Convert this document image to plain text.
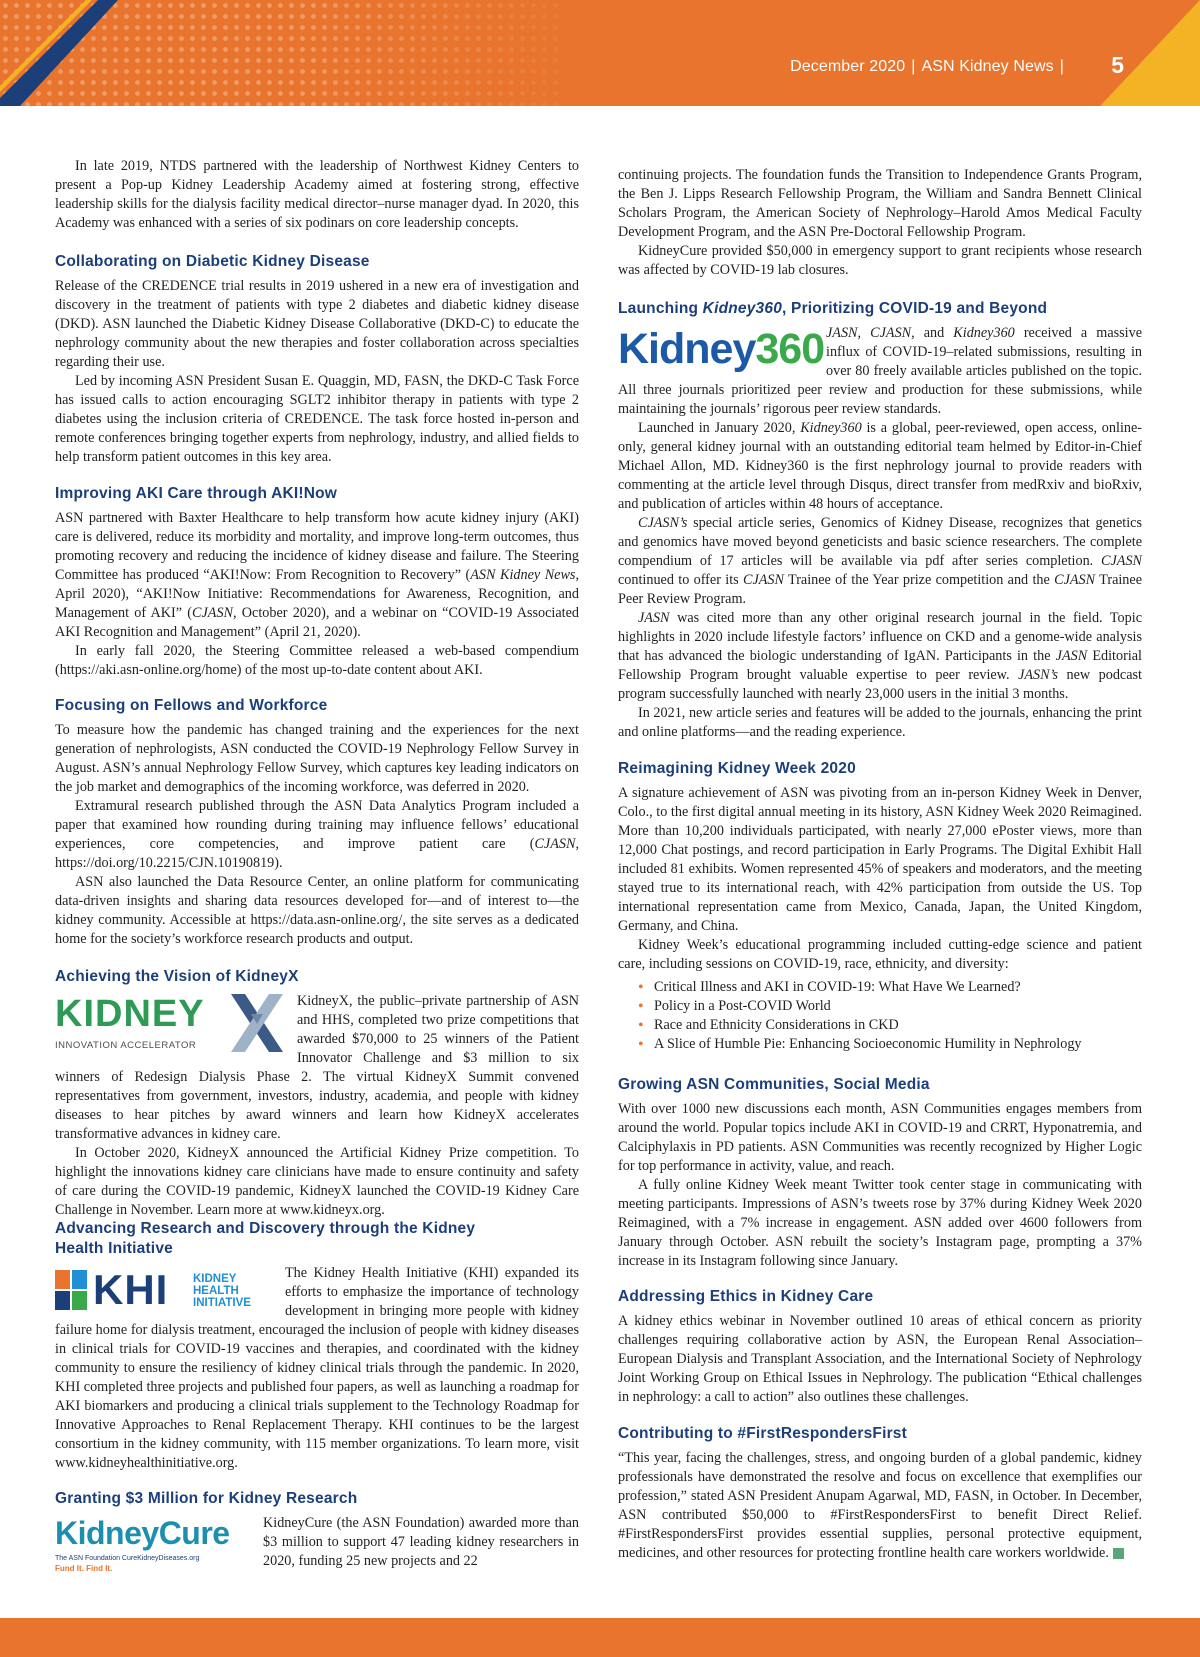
December 2020 | ASN Kidney News | 5

In late 2019, NTDS partnered with the leadership of Northwest Kidney Centers to present a Pop-up Kidney Leadership Academy aimed at fostering strong, effective leadership skills for the dialysis facility medical director–nurse manager dyad. In 2020, this Academy was enhanced with a series of six podinars on core leadership concepts.

Collaborating on Diabetic Kidney Disease

Release of the CREDENCE trial results in 2019 ushered in a new era of investigation and discovery in the treatment of patients with type 2 diabetes and diabetic kidney disease (DKD). ASN launched the Diabetic Kidney Disease Collaborative (DKD-C) to educate the nephrology community about the new therapies and foster collaboration across specialties regarding their use.

Led by incoming ASN President Susan E. Quaggin, MD, FASN, the DKD-C Task Force has issued calls to action encouraging SGLT2 inhibitor therapy in patients with type 2 diabetes using the inclusion criteria of CREDENCE. The task force hosted in-person and remote conferences bringing together experts from nephrology, industry, and allied fields to help transform patient outcomes in this key area.

Improving AKI Care through AKI!Now

ASN partnered with Baxter Healthcare to help transform how acute kidney injury (AKI) care is delivered, reduce its morbidity and mortality, and improve long-term outcomes, thus promoting recovery and reducing the incidence of kidney disease and failure. The Steering Committee has produced “AKI!Now: From Recognition to Recovery” (ASN Kidney News, April 2020), “AKI!Now Initiative: Recommendations for Awareness, Recognition, and Management of AKI” (CJASN, October 2020), and a webinar on “COVID-19 Associated AKI Recognition and Management” (April 21, 2020).

In early fall 2020, the Steering Committee released a web-based compendium (https://aki.asn-online.org/home) of the most up-to-date content about AKI.

Focusing on Fellows and Workforce

To measure how the pandemic has changed training and the experiences for the next generation of nephrologists, ASN conducted the COVID-19 Nephrology Fellow Survey in August. ASN’s annual Nephrology Fellow Survey, which captures key leading indicators on the job market and demographics of the incoming workforce, was deferred in 2020.

Extramural research published through the ASN Data Analytics Program included a paper that examined how rounding during training may influence fellows’ educational experiences, core competencies, and improve patient care (CJASN, https://doi.org/10.2215/CJN.10190819).

ASN also launched the Data Resource Center, an online platform for communicating data-driven insights and sharing data resources developed for—and of interest to—the kidney community. Accessible at https://data.asn-online.org/, the site serves as a dedicated home for the society’s workforce research products and output.

Achieving the Vision of KidneyX
KIDNEY
INNOVATION ACCELERATOR

KidneyX, the public–private partnership of ASN and HHS, completed two prize competitions that awarded $70,000 to 25 winners of the Patient Innovator Challenge and $3 million to six winners of Redesign Dialysis Phase 2. The virtual KidneyX Summit convened representatives from government, investors, industry, academia, and people with kidney diseases to hear pitches by award winners and learn how KidneyX accelerates transformative advances in kidney care.

In October 2020, KidneyX announced the Artificial Kidney Prize competition. To highlight the innovations kidney care clinicians have made to ensure continuity and safety of care during the COVID-19 pandemic, KidneyX launched the COVID-19 Kidney Care Challenge in November. Learn more at www.kidneyx.org.

Advancing Research and Discovery through the Kidney
Health Initiative
KHI KIDNEY
HEALTH
INITIATIVE

The Kidney Health Initiative (KHI) expanded its efforts to emphasize the importance of technology development in bringing more people with kidney failure home for dialysis treatment, encouraged the inclusion of people with kidney diseases in clinical trials for COVID-19 vaccines and therapies, and coordinated with the kidney community to ensure the resiliency of kidney clinical trials through the pandemic. In 2020, KHI completed three projects and published four papers, as well as launching a roadmap for AKI biomarkers and producing a clinical trials supplement to the Technology Roadmap for Innovative Approaches to Renal Replacement Therapy. KHI continues to be the largest consortium in the kidney community, with 115 member organizations. To learn more, visit www.kidneyhealthinitiative.org.

Granting $3 Million for Kidney Research
KidneyCure
The ASN Foundation CureKidneyDiseases.org
Fund It. Find It.

KidneyCure (the ASN Foundation) awarded more than $3 million to support 47 leading kidney researchers in 2020, funding 25 new projects and 22

continuing projects. The foundation funds the Transition to Independence Grants Program, the Ben J. Lipps Research Fellowship Program, the William and Sandra Bennett Clinical Scholars Program, the American Society of Nephrology–Harold Amos Medical Faculty Development Program, and the ASN Pre-Doctoral Fellowship Program.

KidneyCure provided $50,000 in emergency support to grant recipients whose research was affected by COVID-19 lab closures.

Launching Kidney360, Prioritizing COVID-19 and Beyond
Kidney360 JASN, CJASN, and Kidney360 received a massive influx of COVID-19–related submissions, resulting in over 80 freely available articles published on the topic. All three journals prioritized peer review and production for these submissions, while maintaining the journals’ rigorous peer review standards.

Launched in January 2020, Kidney360 is a global, peer-reviewed, open access, online-only, general kidney journal with an outstanding editorial team helmed by Editor-in-Chief Michael Allon, MD. Kidney360 is the first nephrology journal to provide readers with commenting at the article level through Disqus, direct transfer from medRxiv and bioRxiv, and publication of articles within 48 hours of acceptance.

CJASN’s special article series, Genomics of Kidney Disease, recognizes that genetics and genomics have moved beyond geneticists and basic science researchers. The complete compendium of 17 articles will be available via pdf after series completion. CJASN continued to offer its CJASN Trainee of the Year prize competition and the CJASN Trainee Peer Review Program.

JASN was cited more than any other original research journal in the field. Topic highlights in 2020 include lifestyle factors’ influence on CKD and a genome-wide analysis that has advanced the biologic understanding of IgAN. Participants in the JASN Editorial Fellowship Program brought valuable expertise to peer review. JASN’s new podcast program successfully launched with nearly 23,000 users in the initial 3 months.

In 2021, new article series and features will be added to the journals, enhancing the print and online platforms—and the reading experience.

Reimagining Kidney Week 2020

A signature achievement of ASN was pivoting from an in-person Kidney Week in Denver, Colo., to the first digital annual meeting in its history, ASN Kidney Week 2020 Reimagined. More than 10,200 individuals participated, with nearly 27,000 ePoster views, more than 12,000 Chat postings, and record participation in Early Programs. The Digital Exhibit Hall included 81 exhibits. Women represented 45% of speakers and moderators, and the meeting stayed true to its international reach, with 42% participation from outside the US. Top international representation came from Mexico, Canada, Japan, the United Kingdom, Germany, and China.

Kidney Week’s educational programming included cutting-edge science and patient care, including sessions on COVID-19, race, ethnicity, and diversity:

• Critical Illness and AKI in COVID-19: What Have We Learned?
• Policy in a Post-COVID World
• Race and Ethnicity Considerations in CKD
• A Slice of Humble Pie: Enhancing Socioeconomic Humility in Nephrology
Growing ASN Communities, Social Media

With over 1000 new discussions each month, ASN Communities engages members from around the world. Popular topics include AKI in COVID-19 and CRRT, Hyponatremia, and Calciphylaxis in PD patients. ASN Communities was recently recognized by Higher Logic for top performance in activity, value, and reach.

A fully online Kidney Week meant Twitter took center stage in communicating with meeting participants. Impressions of ASN’s tweets rose by 37% during Kidney Week 2020 Reimagined, with a 7% increase in engagement. ASN added over 4600 followers from January through October. ASN rebuilt the society’s Instagram page, prompting a 37% increase in its Instagram following since January.

Addressing Ethics in Kidney Care

A kidney ethics webinar in November outlined 10 areas of ethical concern as priority challenges requiring collaborative action by ASN, the European Renal Association–European Dialysis and Transplant Association, and the International Society of Nephrology Joint Working Group on Ethical Issues in Nephrology. The publication “Ethical challenges in nephrology: a call to action” also outlines these challenges.

Contributing to #FirstRespondersFirst

“This year, facing the challenges, stress, and ongoing burden of a global pandemic, kidney professionals have demonstrated the resolve and focus on excellence that exemplifies our profession,” stated ASN President Anupam Agarwal, MD, FASN, in October. In December, ASN contributed $50,000 to #FirstRespondersFirst to benefit Direct Relief. #FirstRespondersFirst provides essential supplies, personal protective equipment, medicines, and other resources for protecting frontline health care workers worldwide.
